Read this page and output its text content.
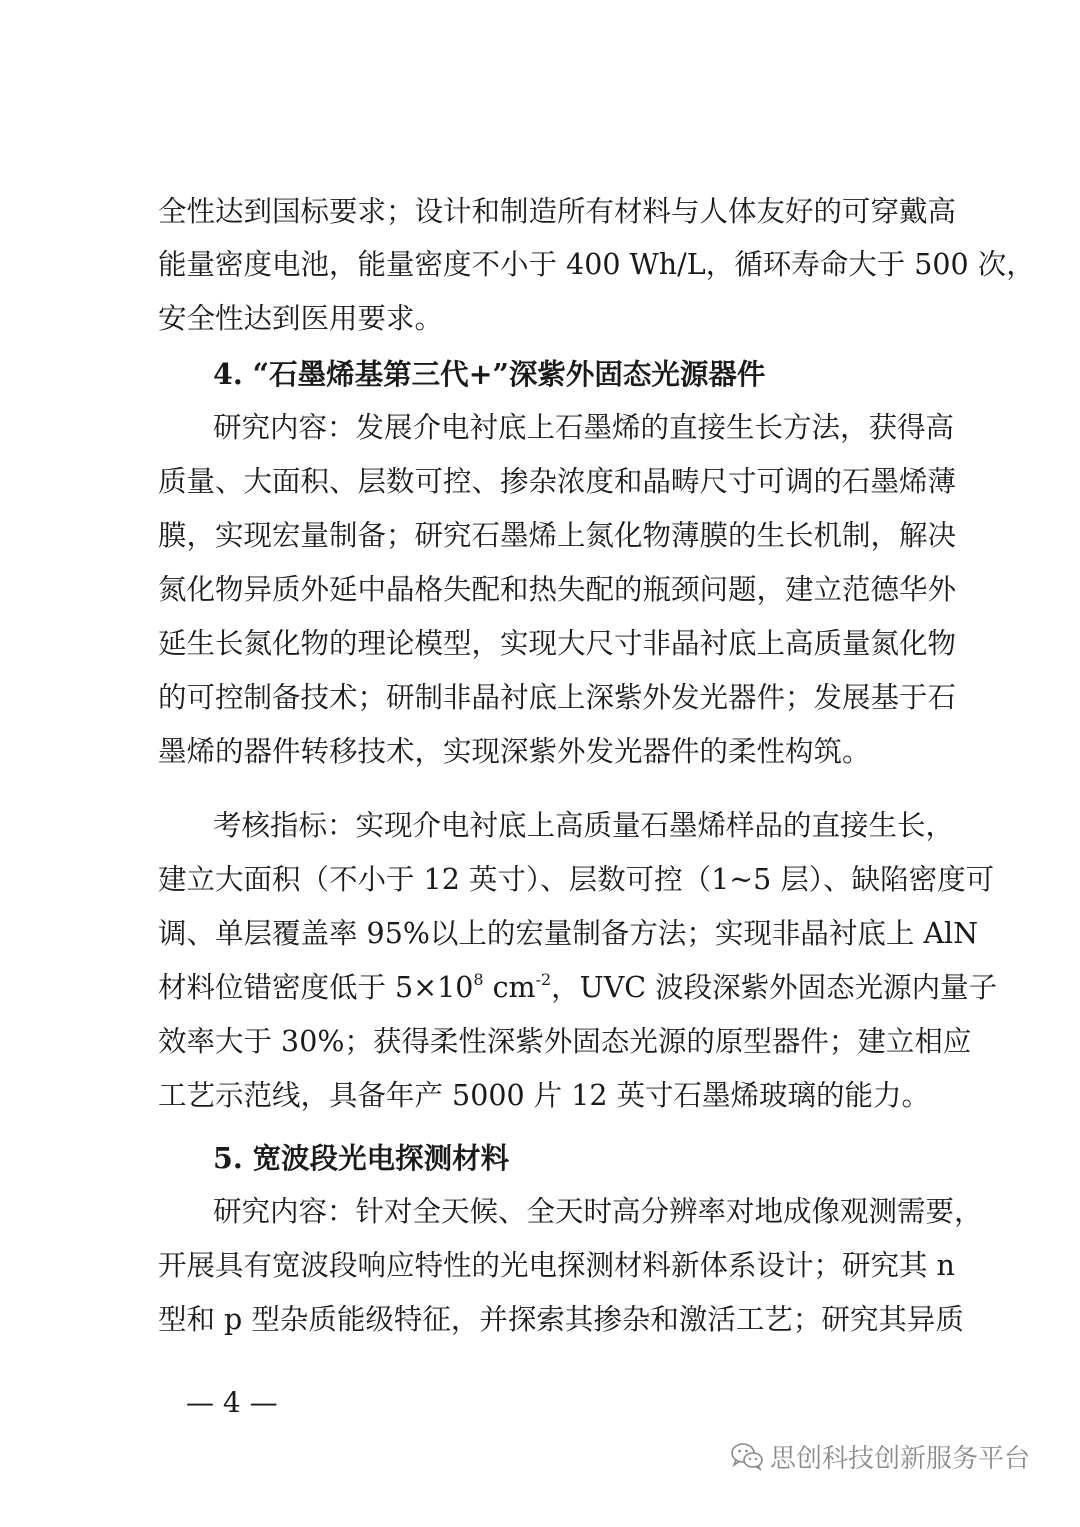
全性达到国标要求；设计和制造所有材料与人体友好的可穿戴高
能量密度电池，能量密度不小于 400 Wh/L，循环寿命大于 500 次，
安全性达到医用要求。
4. “石墨烯基第三代+”深紫外固态光源器件
研究内容：发展介电衬底上石墨烯的直接生长方法，获得高
质量、大面积、层数可控、掺杂浓度和晶畴尺寸可调的石墨烯薄
膜，实现宏量制备；研究石墨烯上氮化物薄膜的生长机制，解决
氮化物异质外延中晶格失配和热失配的瓶颈问题，建立范德华外
延生长氮化物的理论模型，实现大尺寸非晶衬底上高质量氮化物
的可控制备技术；研制非晶衬底上深紫外发光器件；发展基于石
墨烯的器件转移技术，实现深紫外发光器件的柔性构筑。
考核指标：实现介电衬底上高质量石墨烯样品的直接生长，
建立大面积（不小于 12 英寸）、层数可控（1~5 层）、缺陷密度可
调、单层覆盖率 95%以上的宏量制备方法；实现非晶衬底上 AlN
材料位错密度低于 $5\times 10^8$ $cm^{-2}$，UVC 波段深紫外固态光源内量子
效率大于 30%；获得柔性深紫外固态光源的原型器件；建立相应
工艺示范线，具备年产 5000 片 12 英寸石墨烯玻璃的能力。
5. 宽波段光电探测材料
研究内容：针对全天候、全天时高分辨率对地成像观测需要，
开展具有宽波段响应特性的光电探测材料新体系设计；研究其 n
型和 p 型杂质能级特征，并探索其掺杂和激活工艺；研究其异质
— 4 —
思创科技创新服务平台
